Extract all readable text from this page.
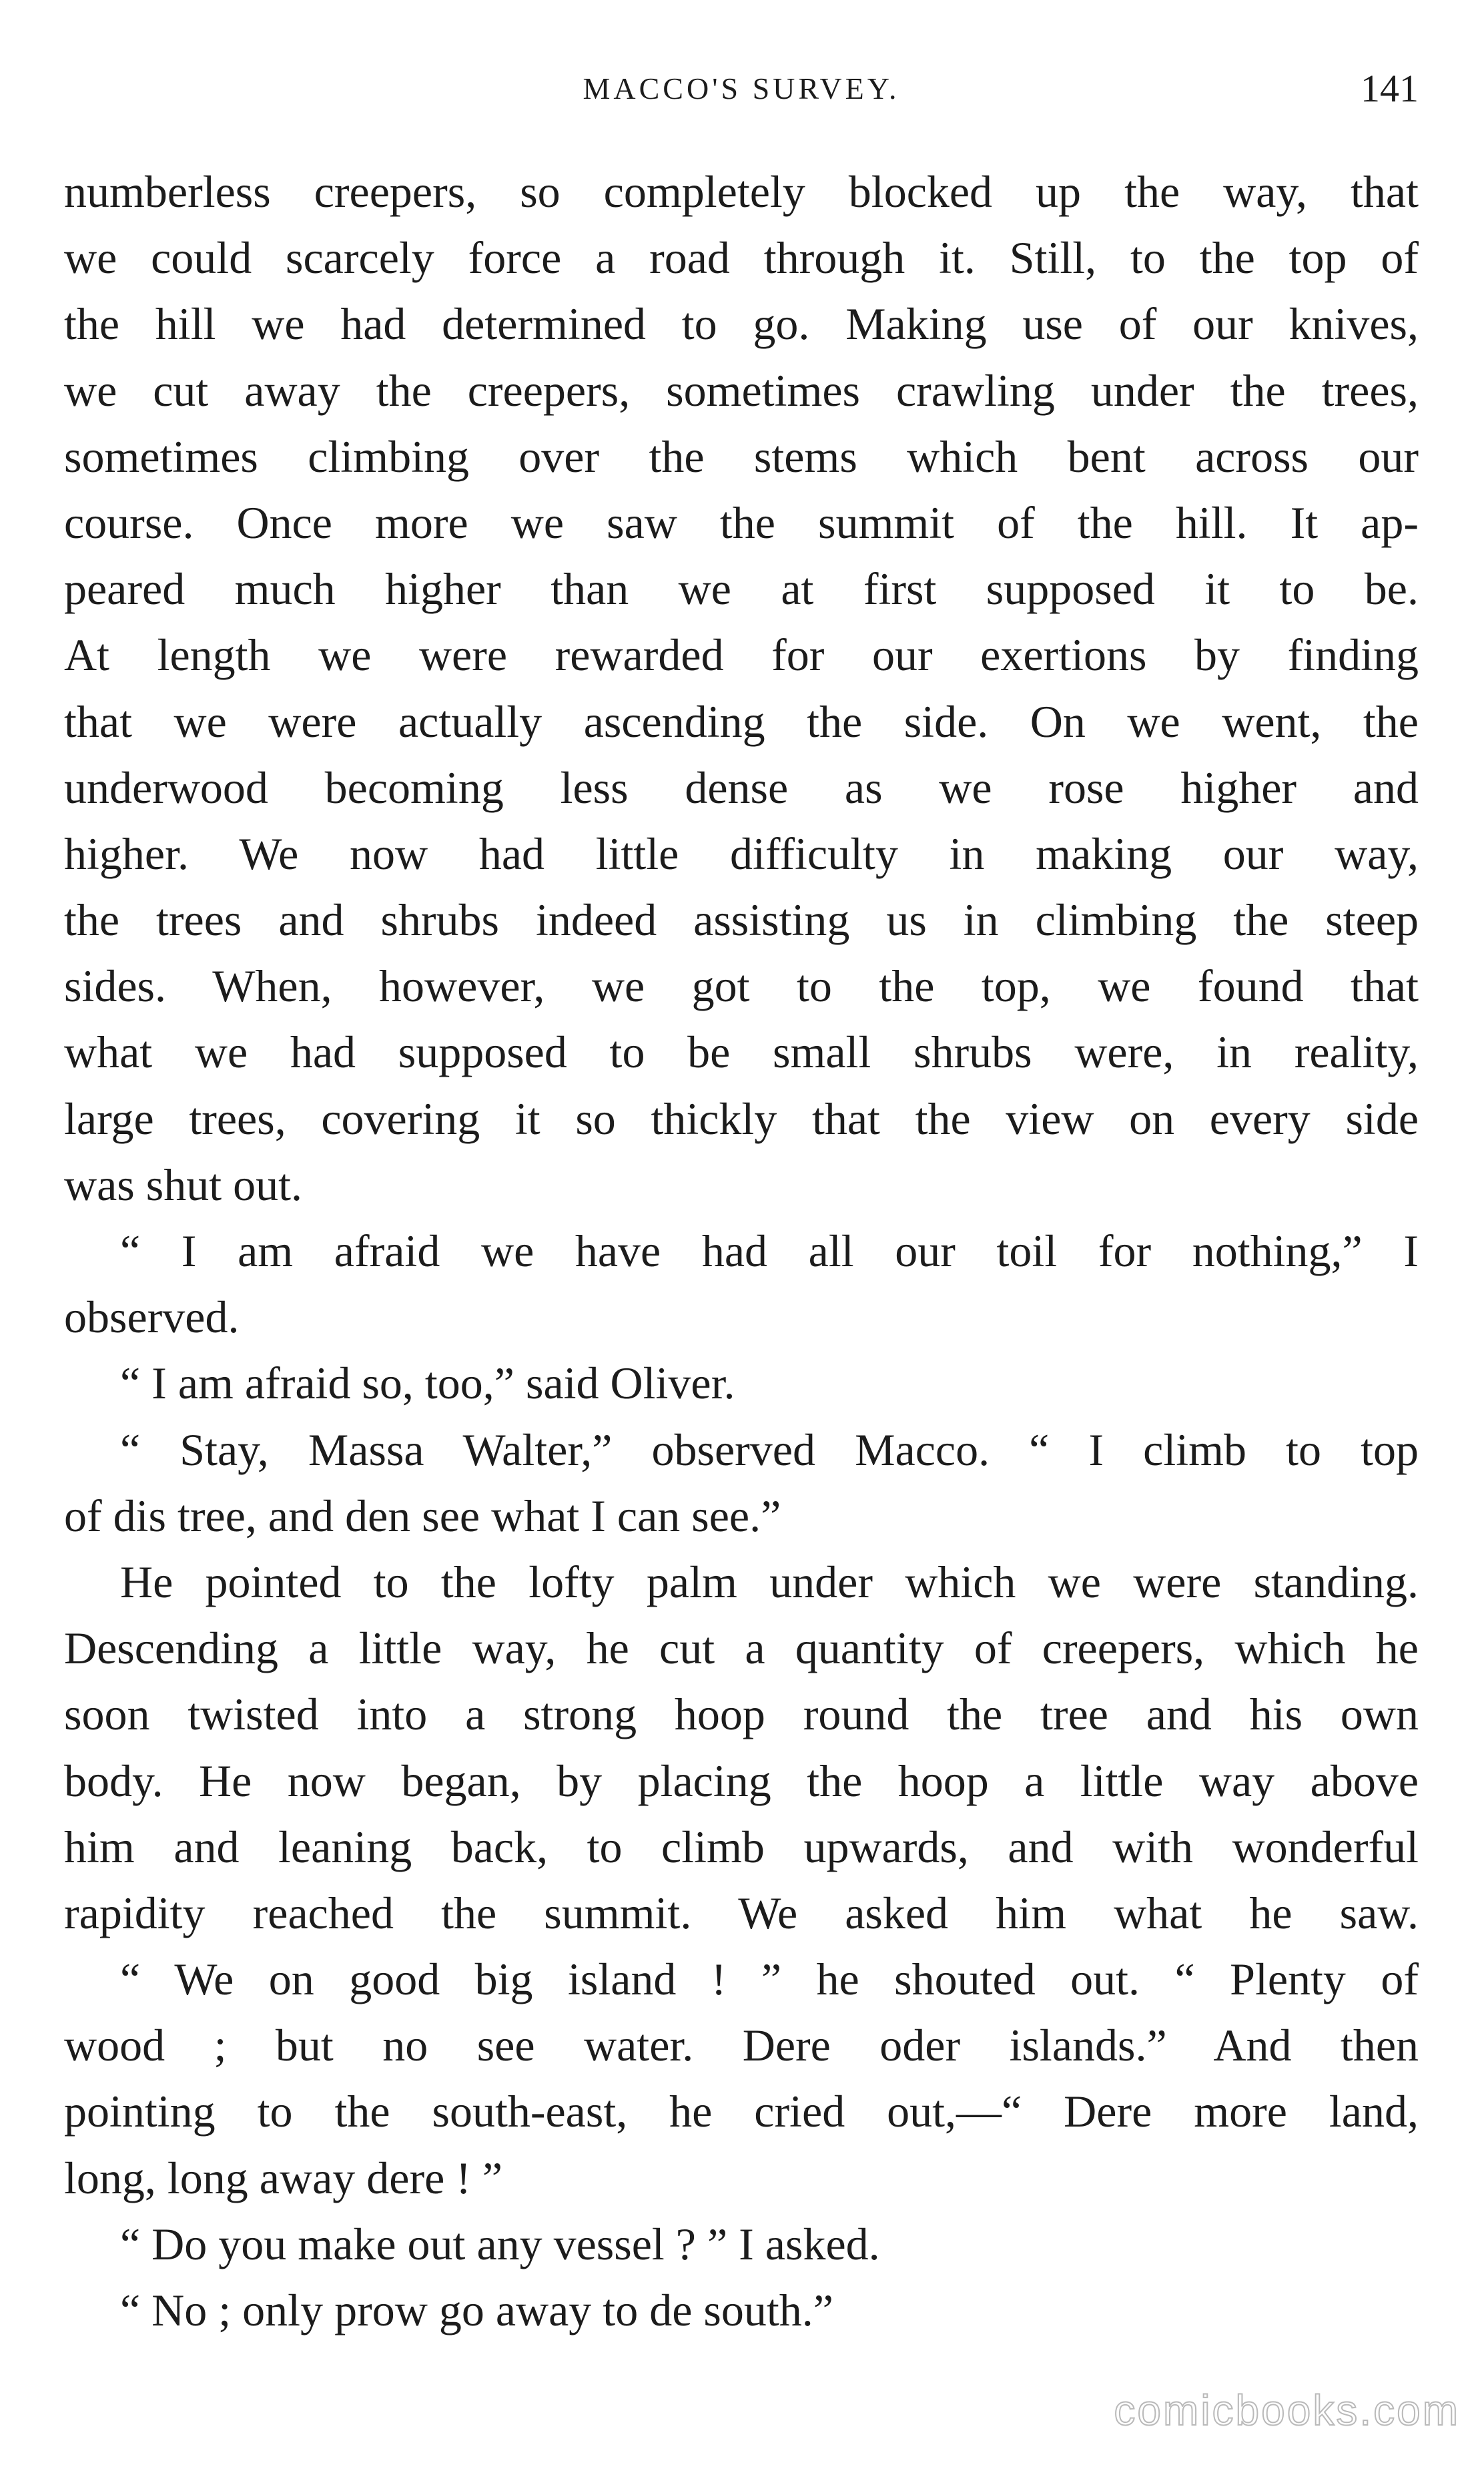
MACCO'S SURVEY.	141
numberless creepers, so completely blocked up the way, that
we could scarcely force a road through it. Still, to the top of
the hill we had determined to go. Making use of our knives,
we cut away the creepers, sometimes crawling under the trees,
sometimes climbing over the stems which bent across our
course. Once more we saw the summit of the hill. It ap-
peared much higher than we at first supposed it to be.
At length we were rewarded for our exertions by finding
that we were actually ascending the side. On we went, the
underwood becoming less dense as we rose higher and
higher. We now had little difficulty in making our way,
the trees and shrubs indeed assisting us in climbing the steep
sides. When, however, we got to the top, we found that
what we had supposed to be small shrubs were, in reality,
large trees, covering it so thickly that the view on every side
was shut out.
“ I am afraid we have had all our toil for nothing,” I
observed.
“ I am afraid so, too,” said Oliver.
“ Stay, Massa Walter,” observed Macco. “ I climb to top
of dis tree, and den see what I can see.”
He pointed to the lofty palm under which we were standing.
Descending a little way, he cut a quantity of creepers, which he
soon twisted into a strong hoop round the tree and his own
body. He now began, by placing the hoop a little way above
him and leaning back, to climb upwards, and with wonderful
rapidity reached the summit. We asked him what he saw.
“ We on good big island ! ” he shouted out. “ Plenty of
wood ; but no see water. Dere oder islands.” And then
pointing to the south-east, he cried out,—“ Dere more land,
long, long away dere ! ”
“ Do you make out any vessel ? ” I asked.
“ No ; only prow go away to de south.”
comicbooks.com
